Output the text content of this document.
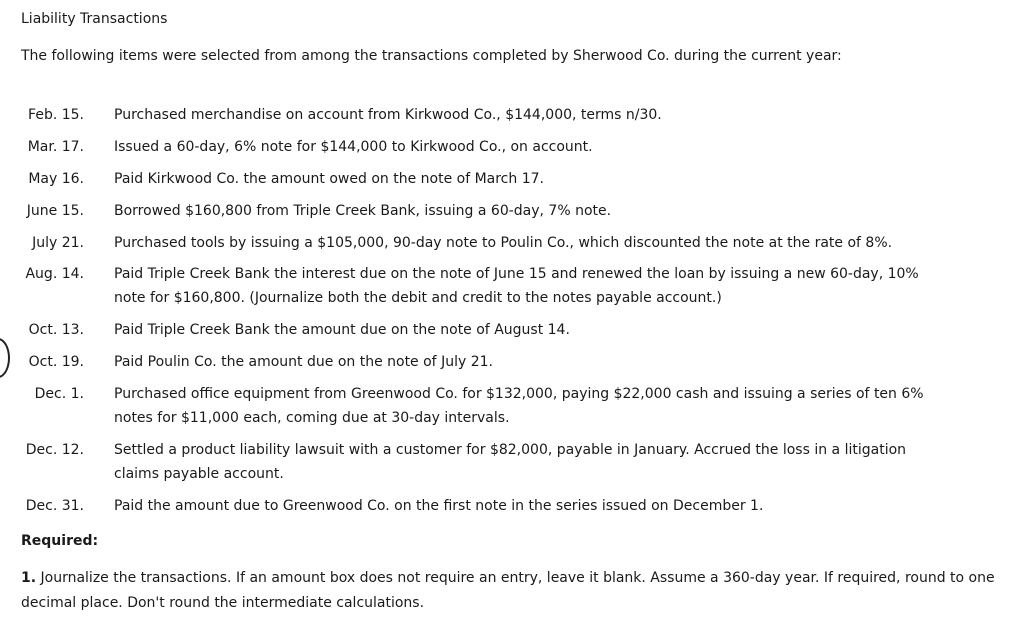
Liability Transactions
The following items were selected from among the transactions completed by Sherwood Co. during the current year:
Feb. 15. Purchased merchandise on account from Kirkwood Co., $144,000, terms n/30.
Mar. 17. Issued a 60-day, 6% note for $144,000 to Kirkwood Co., on account.
May 16. Paid Kirkwood Co. the amount owed on the note of March 17.
June 15. Borrowed $160,800 from Triple Creek Bank, issuing a 60-day, 7% note.
July 21. Purchased tools by issuing a $105,000, 90-day note to Poulin Co., which discounted the note at the rate of 8%.
Aug. 14. Paid Triple Creek Bank the interest due on the note of June 15 and renewed the loan by issuing a new 60-day, 10%
note for $160,800. (Journalize both the debit and credit to the notes payable account.)
Oct. 13. Paid Triple Creek Bank the amount due on the note of August 14.
Oct. 19. Paid Poulin Co. the amount due on the note of July 21.
Dec. 1. Purchased office equipment from Greenwood Co. for $132,000, paying $22,000 cash and issuing a series of ten 6%
notes for $11,000 each, coming due at 30-day intervals.
Dec. 12. Settled a product liability lawsuit with a customer for $82,000, payable in January. Accrued the loss in a litigation
claims payable account.
Dec. 31. Paid the amount due to Greenwood Co. on the first note in the series issued on December 1.
Required:
1. Journalize the transactions. If an amount box does not require an entry, leave it blank. Assume a 360-day year. If required, round to one decimal place. Don't round the intermediate calculations.
